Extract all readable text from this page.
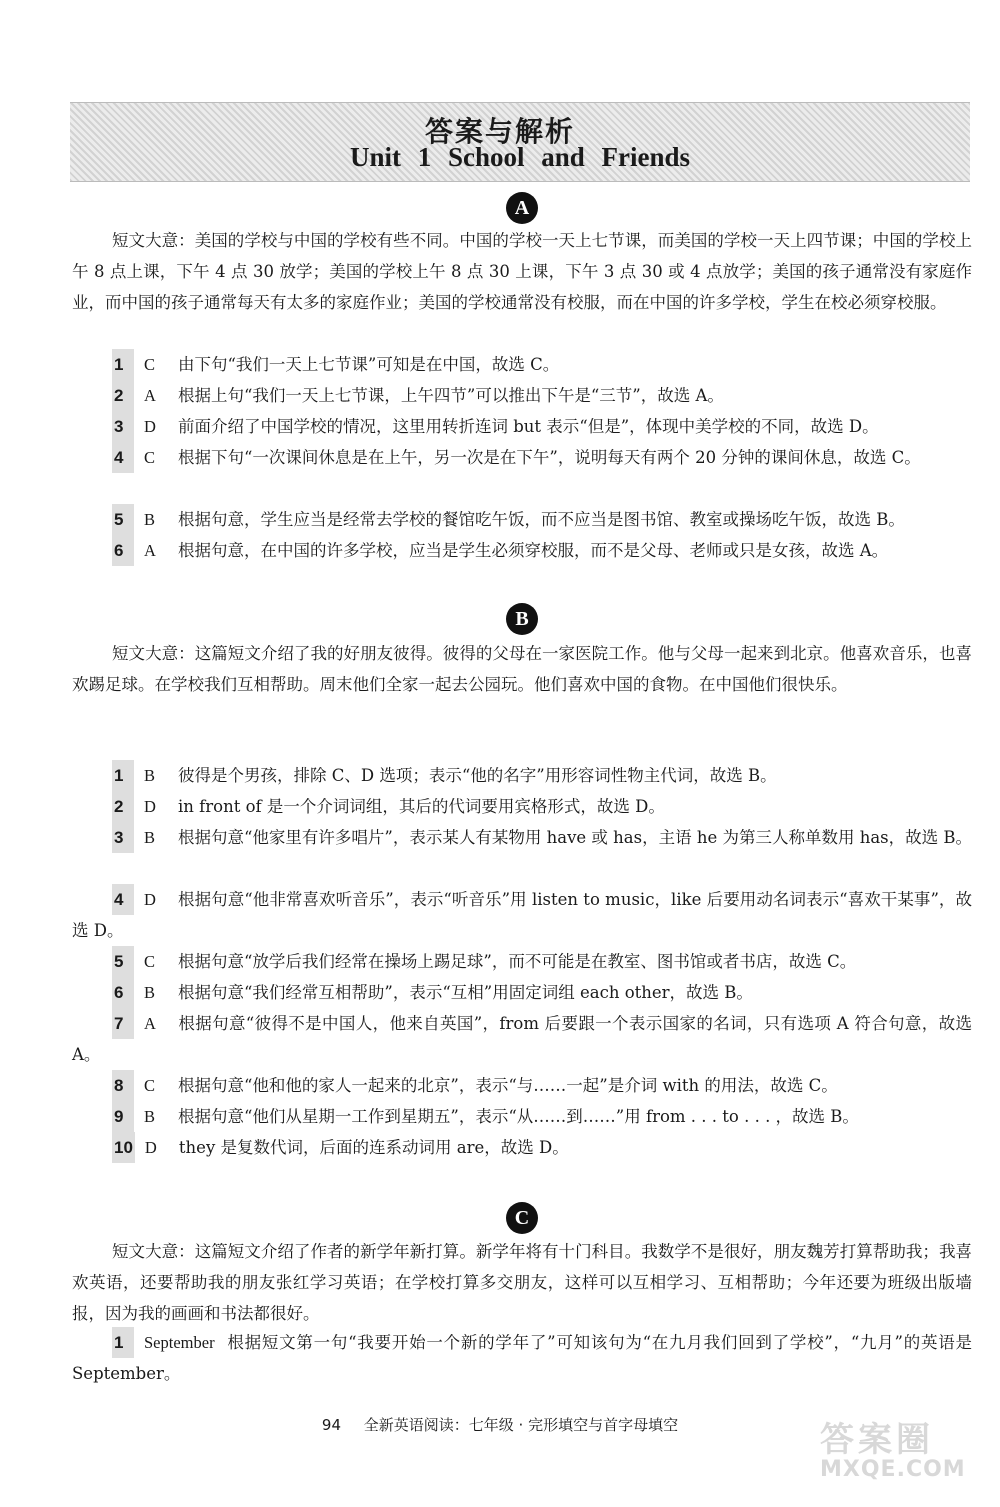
答案与解析
Unit 1 School and Friends
A

短文大意：美国的学校与中国的学校有些不同。中国的学校一天上七节课，而美国的学校一天上四节课；中国的学校上午 8 点上课，下午 4 点 30 放学；美国的学校上午 8 点 30 上课，下午 3 点 30 或 4 点放学；美国的孩子通常没有家庭作业，而中国的孩子通常每天有太多的家庭作业；美国的学校通常没有校服，而在中国的许多学校，学生在校必须穿校服。

1 C 由下句“我们一天上七节课”可知是在中国，故选 C。

2 A 根据上句“我们一天上七节课，上午四节”可以推出下午是“三节”，故选 A。

3 D 前面介绍了中国学校的情况，这里用转折连词 but 表示“但是”，体现中美学校的不同，故选 D。

4 C 根据下句“一次课间休息是在上午，另一次是在下午”，说明每天有两个 20 分钟的课间休息，故选 C。

5 B 根据句意，学生应当是经常去学校的餐馆吃午饭，而不应当是图书馆、教室或操场吃午饭，故选 B。

6 A 根据句意，在中国的许多学校，应当是学生必须穿校服，而不是父母、老师或只是女孩，故选 A。

B

短文大意：这篇短文介绍了我的好朋友彼得。彼得的父母在一家医院工作。他与父母一起来到北京。他喜欢音乐，也喜欢踢足球。在学校我们互相帮助。周末他们全家一起去公园玩。他们喜欢中国的食物。在中国他们很快乐。

1 B 彼得是个男孩，排除 C、D 选项；表示“他的名字”用形容词性物主代词，故选 B。

2 D in front of 是一个介词词组，其后的代词要用宾格形式，故选 D。

3 B 根据句意“他家里有许多唱片”，表示某人有某物用 have 或 has，主语 he 为第三人称单数用 has，故选 B。

4 D 根据句意“他非常喜欢听音乐”，表示“听音乐”用 listen to music，like 后要用动名词表示“喜欢干某事”，故选 D。

5 C 根据句意“放学后我们经常在操场上踢足球”，而不可能是在教室、图书馆或者书店，故选 C。

6 B 根据句意“我们经常互相帮助”，表示“互相”用固定词组 each other，故选 B。

7 A 根据句意“彼得不是中国人，他来自英国”，from 后要跟一个表示国家的名词，只有选项 A 符合句意，故选 A。

8 C 根据句意“他和他的家人一起来的北京”，表示“与……一起”是介词 with 的用法，故选 C。

9 B 根据句意“他们从星期一工作到星期五”，表示“从……到……”用 from . . . to . . . ，故选 B。

10 D they 是复数代词，后面的连系动词用 are，故选 D。

C

短文大意：这篇短文介绍了作者的新学年新打算。新学年将有十门科目。我数学不是很好，朋友魏芳打算帮助我；我喜欢英语，还要帮助我的朋友张红学习英语；在学校打算多交朋友，这样可以互相学习、互相帮助；今年还要为班级出版墙报，因为我的画画和书法都很好。

1 September 根据短文第一句“我要开始一个新的学年了”可知该句为“在九月我们回到了学校”，“九月”的英语是 September。

94 全新英语阅读：七年级 · 完形填空与首字母填空	答案圈
MXQE.COM
